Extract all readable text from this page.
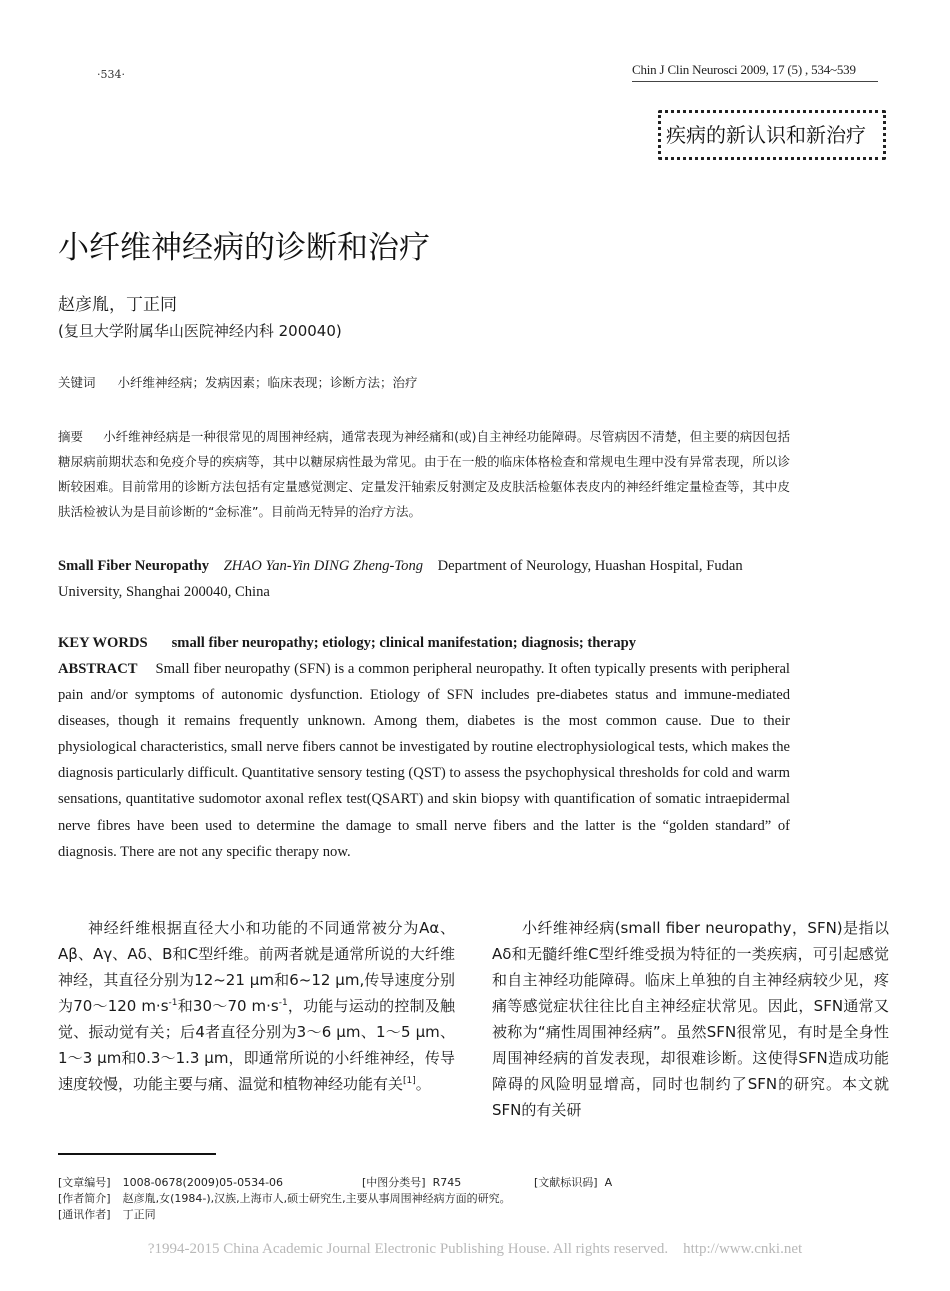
·534·	Chin J Clin Neurosci 2009, 17 (5) , 534~539
疾病的新认识和新治疗
小纤维神经病的诊断和治疗
赵彦胤，丁正同
(复旦大学附属华山医院神经内科 200040)
关键词 小纤维神经病；发病因素；临床表现；诊断方法；治疗
摘要 小纤维神经病是一种很常见的周围神经病，通常表现为神经痛和(或)自主神经功能障碍。尽管病因不清楚，但主要的病因包括糖尿病前期状态和免疫介导的疾病等，其中以糖尿病性最为常见。由于在一般的临床体格检查和常规电生理中没有异常表现，所以诊断较困难。目前常用的诊断方法包括有定量感觉测定、定量发汗轴索反射测定及皮肤活检躯体表皮内的神经纤维定量检查等，其中皮肤活检被认为是目前诊断的“金标准”。目前尚无特异的治疗方法。
Small Fiber Neuropathy ZHAO Yan-Yin DING Zheng-Tong Department of Neurology, Huashan Hospital, Fudan University, Shanghai 200040, China
KEY WORDS small fiber neuropathy; etiology; clinical manifestation; diagnosis; therapy
ABSTRACT Small fiber neuropathy (SFN) is a common peripheral neuropathy. It often typically presents with peripheral pain and/or symptoms of autonomic dysfunction. Etiology of SFN includes pre-diabetes status and immune-mediated diseases, though it remains frequently unknown. Among them, diabetes is the most common cause. Due to their physiological characteristics, small nerve fibers cannot be investigated by routine electrophysiological tests, which makes the diagnosis particularly difficult. Quantitative sensory testing (QST) to assess the psychophysical thresholds for cold and warm sensations, quantitative sudomotor axonal reflex test(QSART) and skin biopsy with quantification of somatic intraepidermal nerve fibres have been used to determine the damage to small nerve fibers and the latter is the “golden standard” of diagnosis. There are not any specific therapy now.

神经纤维根据直径大小和功能的不同通常被分为Aα、Aβ、Aγ、Aδ、B和C型纤维。前两者就是通常所说的大纤维神经，其直径分别为12~21 μm和6~12 μm,传导速度分别为70～120 $m\cdot s^{-1}$和30～70 $m\cdot s^{-1}$，功能与运动的控制及触觉、振动觉有关；后4者直径分别为3～6 μm、1～5 μm、1～3 μm和0.3～1.3 μm，即通常所说的小纤维神经，传导速度较慢，功能主要与痛、温觉和植物神经功能有关[1]。

小纤维神经病(small fiber neuropathy，SFN)是指以Aδ和无髓纤维C型纤维受损为特征的一类疾病，可引起感觉和自主神经功能障碍。临床上单独的自主神经病较少见，疼痛等感觉症状往往比自主神经症状常见。因此，SFN通常又被称为“痛性周围神经病”。虽然SFN很常见，有时是全身性周围神经病的首发表现，却很难诊断。这使得SFN造成功能障碍的风险明显增高，同时也制约了SFN的研究。本文就SFN的有关研

[文章编号] 1008-0678(2009)05-0534-06	[中图分类号] R745	[文献标识码] A
[作者简介] 赵彦胤,女(1984-),汉族,上海市人,硕士研究生,主要从事周围神经病方面的研究。
[通讯作者] 丁正同
?1994-2015 China Academic Journal Electronic Publishing House. All rights reserved.    http://www.cnki.net
